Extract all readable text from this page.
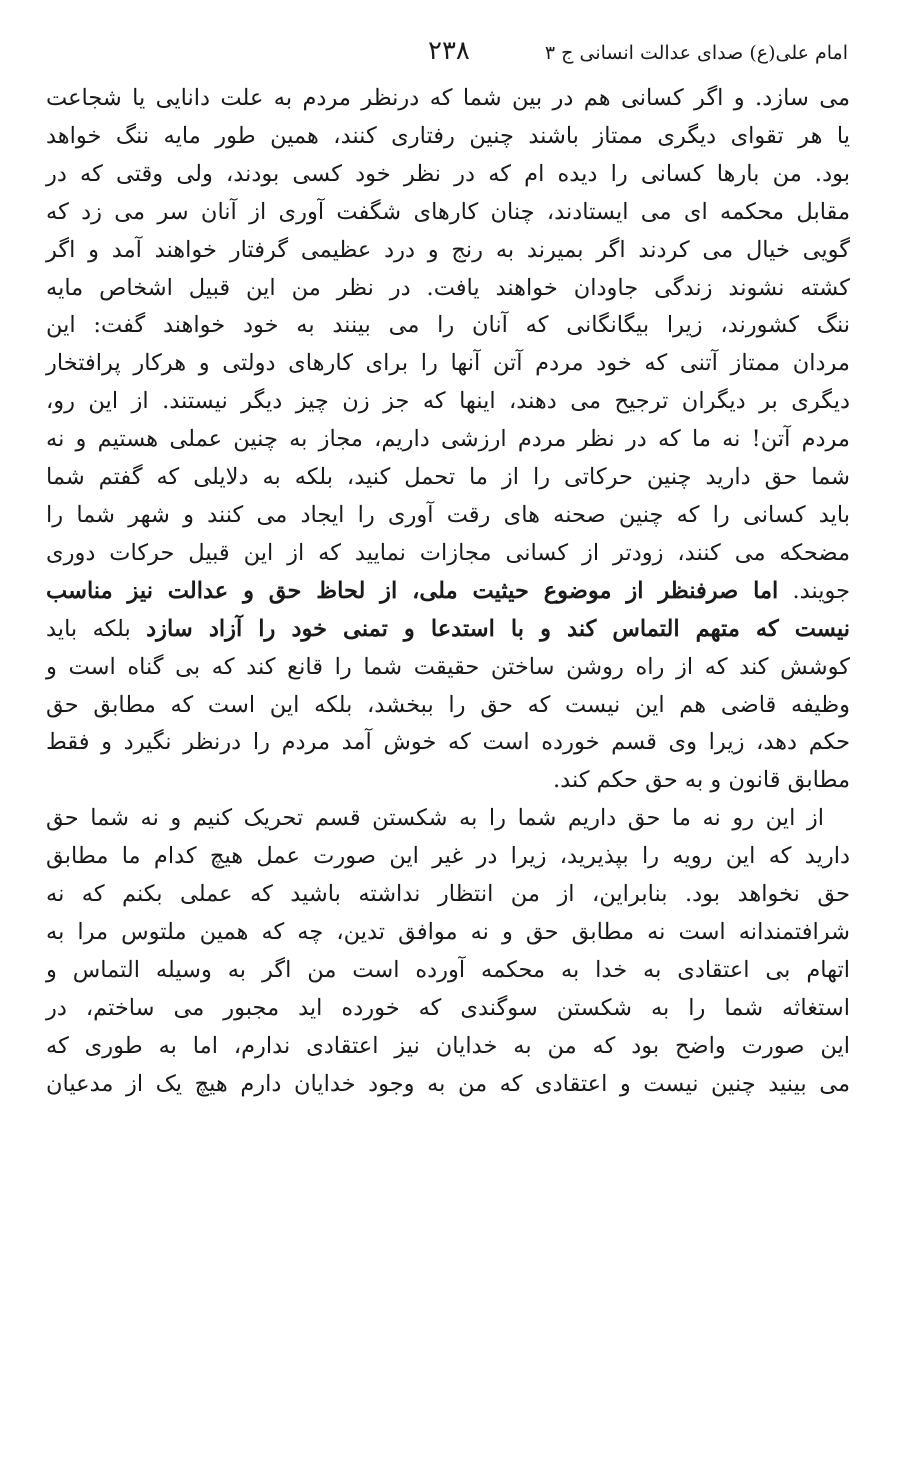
امام علی(ع) صدای عدالت انسانی ج ۳
۲۳۸

می سازد. و اگر کسانی هم در بین شما که درنظر مردم به علت دانایی یا شجاعت
یا هر تقوای دیگری ممتاز باشند چنین رفتاری کنند، همین طور مایه ننگ خواهد
بود. من بارها کسانی را دیده ام که در نظر خود کسی بودند، ولی وقتی که در
مقابل محکمه ای می ایستادند، چنان کارهای شگفت آوری از آنان سر می زد که
گویی خیال می کردند اگر بمیرند به رنج و درد عظیمی گرفتار خواهند آمد و اگر
کشته نشوند زندگی جاودان خواهند یافت. در نظر من این قبیل اشخاص مایه
ننگ کشورند، زیرا بیگانگانی که آنان را می بینند به خود خواهند گفت: این
مردان ممتاز آتنی که خود مردم آتن آنها را برای کارهای دولتی و هرکار پرافتخار
دیگری بر دیگران ترجیح می دهند، اینها که جز زن چیز دیگر نیستند. از این رو،
مردم آتن! نه ما که در نظر مردم ارزشی داریم، مجاز به چنین عملی هستیم و نه
شما حق دارید چنین حرکاتی را از ما تحمل کنید، بلکه به دلایلی که گفتم شما
باید کسانی را که چنین صحنه های رقت آوری را ایجاد می کنند و شهر شما را
مضحکه می کنند، زودتر از کسانی مجازات نمایید که از این قبیل حرکات دوری
جویند. اما صرفنظر از موضوع حیثیت ملی، از لحاظ حق و عدالت نیز مناسب
نیست که متهم التماس کند و با استدعا و تمنی خود را آزاد سازد بلکه باید
کوشش کند که از راه روشن ساختن حقیقت شما را قانع کند که بی گناه است و
وظیفه قاضی هم این نیست که حق را ببخشد، بلکه این است که مطابق حق
حکم دهد، زیرا وی قسم خورده است که خوش آمد مردم را درنظر نگیرد و فقط
مطابق قانون و به حق حکم کند.

از این رو نه ما حق داریم شما را به شکستن قسم تحریک کنیم و نه شما حق
دارید که این رویه را بپذیرید، زیرا در غیر این صورت عمل هیچ کدام ما مطابق
حق نخواهد بود. بنابراین، از من انتظار نداشته باشید که عملی بکنم که نه
شرافتمندانه است نه مطابق حق و نه موافق تدین، چه که همین ملتوس مرا به
اتهام بی اعتقادی به خدا به محکمه آورده است من اگر به وسیله التماس و
استغاثه شما را به شکستن سوگندی که خورده اید مجبور می ساختم، در
این صورت واضح بود که من به خدایان نیز اعتقادی ندارم، اما به طوری که
می بینید چنین نیست و اعتقادی که من به وجود خدایان دارم هیچ یک از مدعیان
